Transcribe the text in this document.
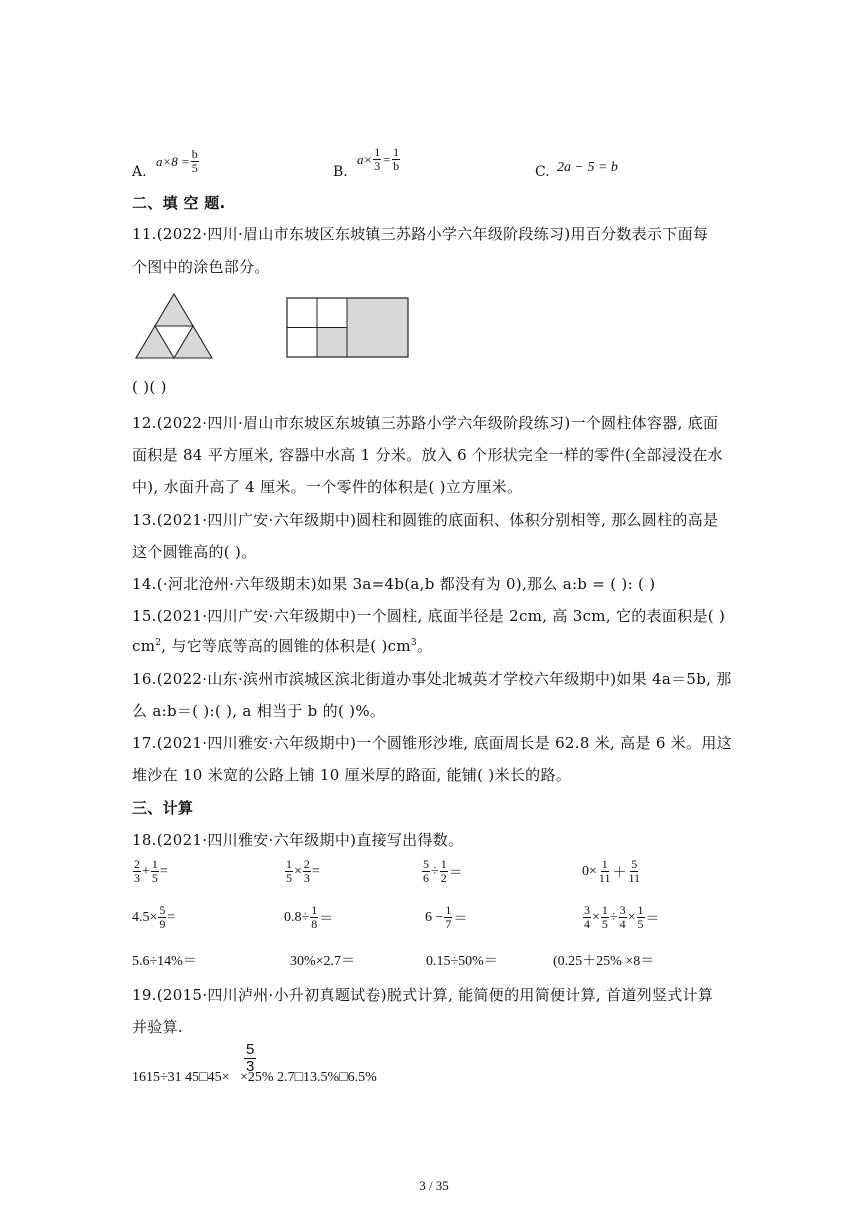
A.
$a\times 8 = \frac{b}{5}$	B.
$a\times \frac{1}{3} = \frac{1}{b}$	C. 2a − 5 = b
二、填 空 题.
11.(2022·四川·眉山市东坡区东坡镇三苏路小学六年级阶段练习)用百分数表示下面每
个图中的涂色部分。
( )( )
12.(2022·四川·眉山市东坡区东坡镇三苏路小学六年级阶段练习)一个圆柱体容器, 底面
面积是 84 平方厘米, 容器中水高 1 分米。放入 6 个形状完全一样的零件(全部浸没在水
中), 水面升高了 4 厘米。一个零件的体积是( )立方厘米。
13.(2021·四川广安·六年级期中)圆柱和圆锥的底面积、体积分别相等, 那么圆柱的高是
这个圆锥高的( )。
14.(·河北沧州·六年级期末)如果 3a=4b(a,b 都没有为 0),那么 a:b = ( ): ( )
15.(2021·四川广安·六年级期中)一个圆柱, 底面半径是 2cm, 高 3cm, 它的表面积是( )
$cm^2$, 与它等底等高的圆锥的体积是( )$cm^3$。
16.(2022·山东·滨州市滨城区滨北街道办事处北城英才学校六年级期中)如果 4a＝5b, 那
么 a:b＝( ):( ), a 相当于 b 的( )%。
17.(2021·四川雅安·六年级期中)一个圆锥形沙堆, 底面周长是 62.8 米, 高是 6 米。用这
堆沙在 10 米宽的公路上铺 10 厘米厚的路面, 能铺( )米长的路。
三、计算
18.(2021·四川雅安·六年级期中)直接写出得数。
$\frac{2}{3} + \frac{1}{5}$ =	$\frac{1}{5} \times \frac{2}{3}$ =	$\frac{5}{6} \div \frac{1}{2}$ ＝	$0\times \frac{1}{11} + \frac{5}{11}$
$4.5\times \frac{5}{9}$ =	$0.8\div \frac{1}{8}$ ＝	$6 - \frac{1}{7}$ ＝	$\frac{3}{4} \times \frac{1}{5} \div \frac{3}{4} \times \frac{1}{5}$ ＝
5.6÷14%＝	30%×2.7＝	0.15÷50%＝	(0.25＋25% ×8＝
19.(2015·四川泸州·小升初真题试卷)脱式计算, 能简便的用简便计算, 首道列竖式计算
并验算.
5
3
1615÷31 45□45×   ×25% 2.7□13.5%□6.5%
3 / 35
